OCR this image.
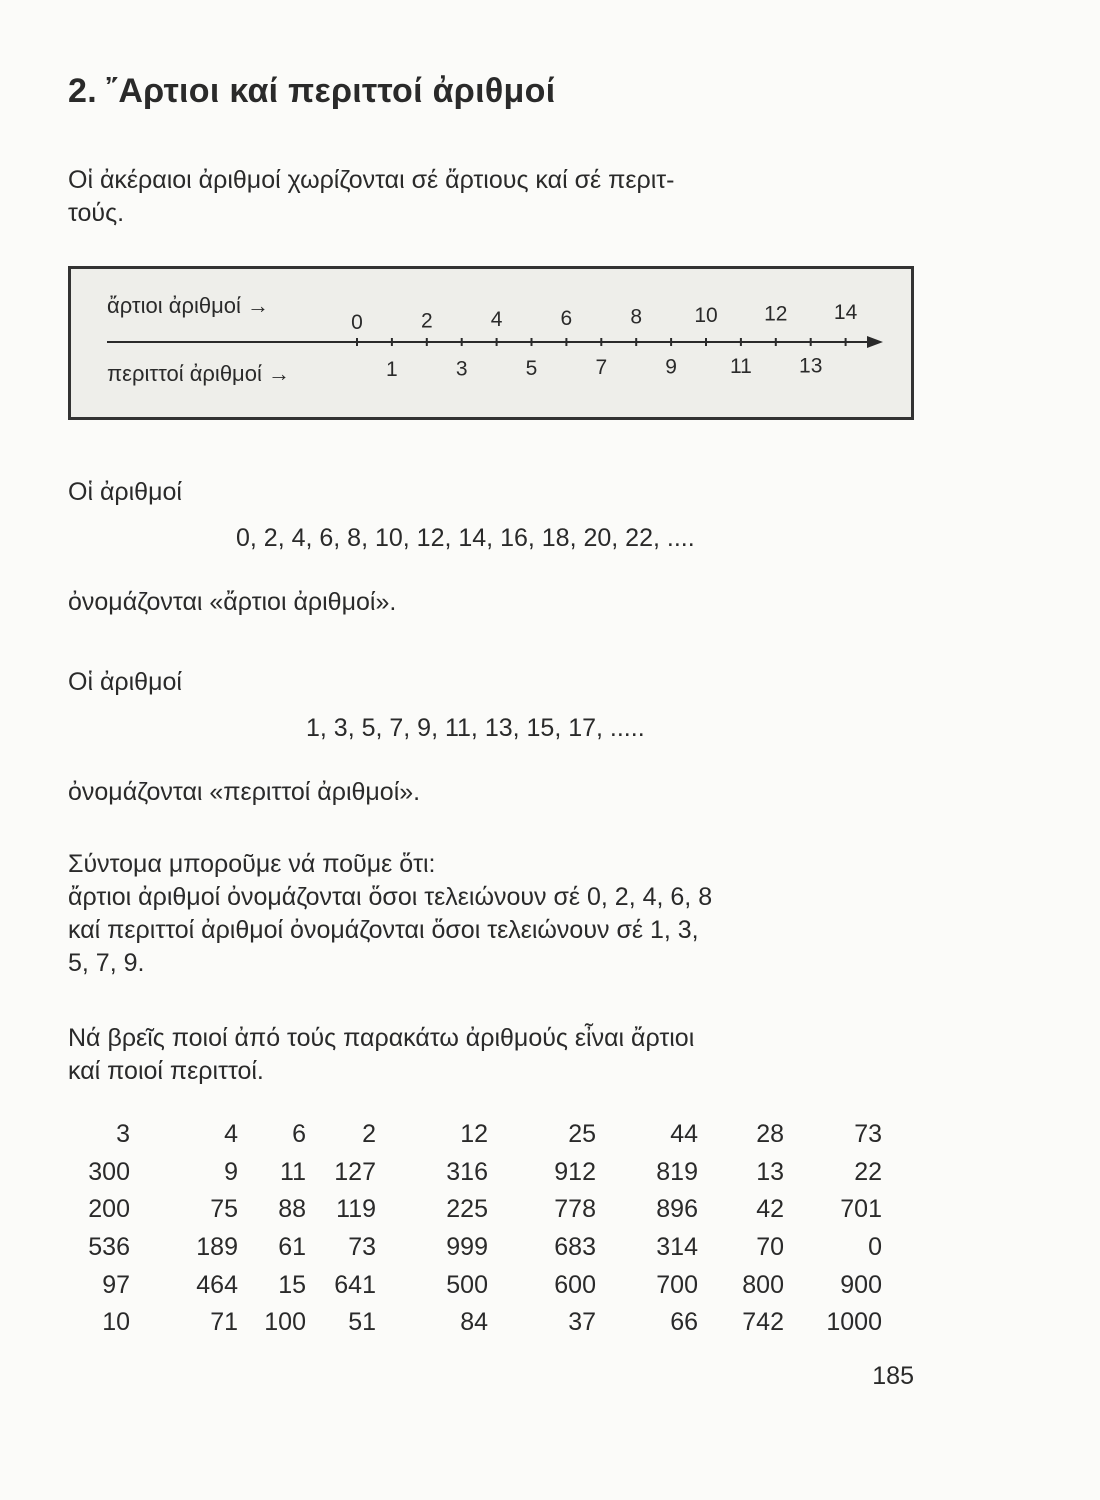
2. ῎Αρτιοι καί περιττοί ἀριθμοί
Οἱ ἀκέραιοι ἀριθμοί χωρίζονται σέ ἄρτιους καί σέ περιτ-
τούς.
ἄρτιοι ἀριθμοί →
0	2	4	6	8 10 12 14
1	3	5	7	9	11 13
περιττοί ἀριθμοί →
Οἱ ἀριθμοί
0, 2, 4, 6, 8, 10, 12, 14, 16, 18, 20, 22, ....
ὀνομάζονται «ἄρτιοι ἀριθμοί».
Οἱ ἀριθμοί
1, 3, 5, 7, 9, 11, 13, 15, 17, .....
ὀνομάζονται «περιττοί ἀριθμοί».
Σύντομα μποροῦμε νά ποῦμε ὅτι:
ἄρτιοι ἀριθμοί ὀνομάζονται ὅσοι τελειώνουν σέ 0, 2, 4, 6, 8
καί περιττοί ἀριθμοί ὀνομάζονται ὅσοι τελειώνουν σέ 1, 3,
5, 7, 9.
Νά βρεῖς ποιοί ἀπό τούς παρακάτω ἀριθμούς εἶναι ἄρτιοι
καί ποιοί περιττοί.
3	4	6	2	12	25	44	28	73
300	9	11	127	316	912	819	13	22
200	75	88	119	225	778	896	42	701
536	189	61	73	999	683	314	70	0
97	464	15	641	500	600	700	800	900
10	71	100	51	84	37	66	742	1000
185
